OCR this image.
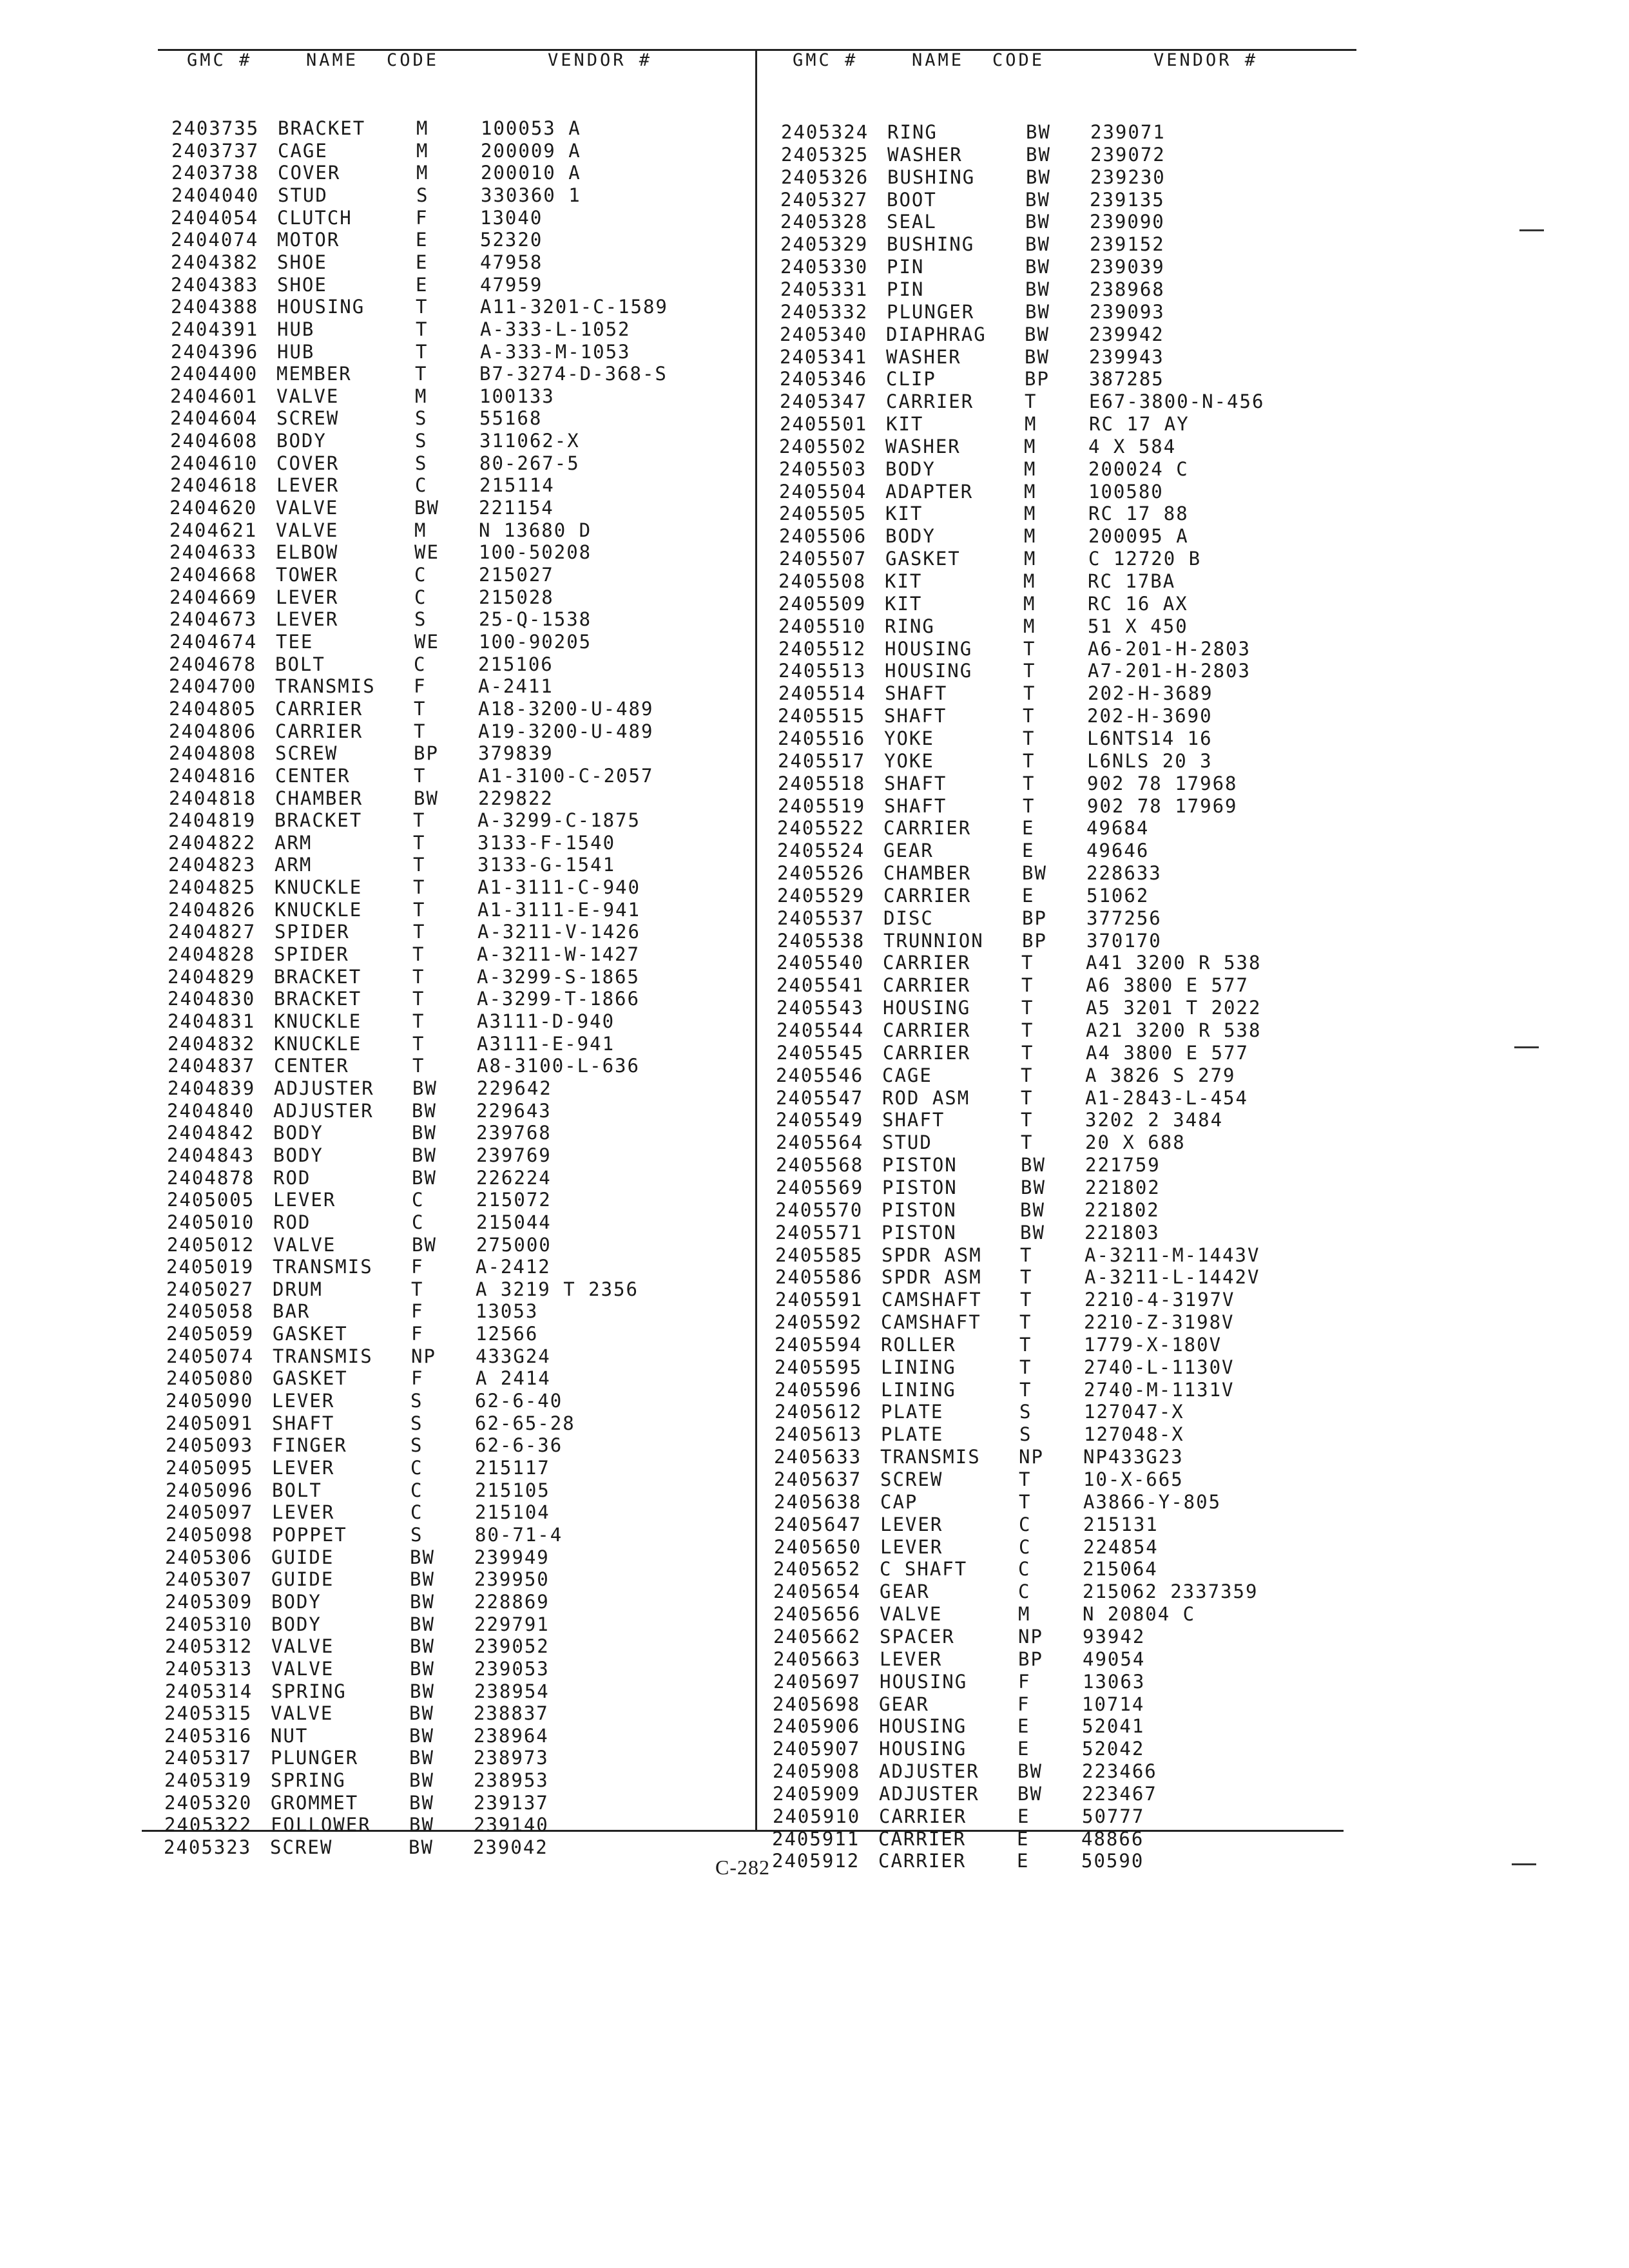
GMC #	NAME CODE	VENDOR #
2403735 BRACKET	M	100053 A
2403737 CAGE	M	200009 A
2403738 COVER	M	200010 A
2404040 STUD	S	330360 1
2404054 CLUTCH	F	13040
2404074 MOTOR	E	52320
2404382 SHOE	E	47958
2404383 SHOE	E	47959
2404388 HOUSING	T	A11-3201-C-1589
2404391 HUB	T	A-333-L-1052
2404396 HUB	T	A-333-M-1053
2404400 MEMBER	T	B7-3274-D-368-S
2404601 VALVE	M	100133
2404604 SCREW	S	55168
2404608 BODY	S	311062-X
2404610 COVER	S	80-267-5
2404618 LEVER	C	215114
2404620 VALVE	BW 221154
2404621 VALVE	M	N 13680 D
2404633 ELBOW	WE 100-50208
2404668 TOWER	C	215027
2404669 LEVER	C	215028
2404673 LEVER	S	25-Q-1538
2404674 TEE	WE 100-90205
2404678 BOLT	C	215106
2404700 TRANSMIS F	A-2411
2404805 CARRIER	T	A18-3200-U-489
2404806 CARRIER	T	A19-3200-U-489
2404808 SCREW	BP 379839
2404816 CENTER	T	A1-3100-C-2057
2404818 CHAMBER	BW 229822
2404819 BRACKET	T	A-3299-C-1875
2404822 ARM	T	3133-F-1540
2404823 ARM	T	3133-G-1541
2404825 KNUCKLE	T	A1-3111-C-940
2404826 KNUCKLE	T	A1-3111-E-941
2404827 SPIDER	T	A-3211-V-1426
2404828 SPIDER	T	A-3211-W-1427
2404829 BRACKET	T	A-3299-S-1865
2404830 BRACKET	T	A-3299-T-1866
2404831 KNUCKLE	T	A3111-D-940
2404832 KNUCKLE	T	A3111-E-941
2404837 CENTER	T	A8-3100-L-636
2404839 ADJUSTER BW 229642
2404840 ADJUSTER BW 229643
2404842 BODY	BW 239768
2404843 BODY	BW 239769
2404878 ROD	BW 226224
2405005 LEVER	C	215072
2405010 ROD	C	215044
2405012 VALVE	BW 275000
2405019 TRANSMIS F	A-2412
2405027 DRUM	T	A 3219 T 2356
2405058 BAR	F	13053
2405059 GASKET	F	12566
2405074 TRANSMIS NP 433G24
2405080 GASKET	F	A 2414
2405090 LEVER	S	62-6-40
2405091 SHAFT	S	62-65-28
2405093 FINGER	S	62-6-36
2405095 LEVER	C	215117
2405096 BOLT	C	215105
2405097 LEVER	C	215104
2405098 POPPET	S	80-71-4
2405306 GUIDE	BW 239949
2405307 GUIDE	BW 239950
2405309 BODY	BW 228869
2405310 BODY	BW 229791
2405312 VALVE	BW 239052
2405313 VALVE	BW 239053
2405314 SPRING	BW 238954
2405315 VALVE	BW 238837
2405316 NUT	BW 238964
2405317 PLUNGER	BW 238973
2405319 SPRING	BW 238953
2405320 GROMMET	BW 239137
2405322 FOLLOWER BW 239140
2405323 SCREW	BW 239042
GMC #	NAME CODE	VENDOR #
2405324 RING	BW 239071
2405325 WASHER	BW 239072
2405326 BUSHING	BW 239230
2405327 BOOT	BW 239135
2405328 SEAL	BW 239090
2405329 BUSHING	BW 239152
2405330 PIN	BW 239039
2405331 PIN	BW 238968
2405332 PLUNGER	BW 239093
2405340 DIAPHRAG BW 239942
2405341 WASHER	BW 239943
2405346 CLIP	BP 387285
2405347 CARRIER	T	E67-3800-N-456
2405501 KIT	M	RC 17 AY
2405502 WASHER	M	4 X 584
2405503 BODY	M	200024 C
2405504 ADAPTER	M	100580
2405505 KIT	M	RC 17 88
2405506 BODY	M	200095 A
2405507 GASKET	M	C 12720 B
2405508 KIT	M	RC 17BA
2405509 KIT	M	RC 16 AX
2405510 RING	M	51 X 450
2405512 HOUSING	T	A6-201-H-2803
2405513 HOUSING	T	A7-201-H-2803
2405514 SHAFT	T	202-H-3689
2405515 SHAFT	T	202-H-3690
2405516 YOKE	T	L6NTS14 16
2405517 YOKE	T	L6NLS 20 3
2405518 SHAFT	T	902 78 17968
2405519 SHAFT	T	902 78 17969
2405522 CARRIER	E	49684
2405524 GEAR	E	49646
2405526 CHAMBER	BW 228633
2405529 CARRIER	E	51062
2405537 DISC	BP 377256
2405538 TRUNNION BP 370170
2405540 CARRIER	T	A41 3200 R 538
2405541 CARRIER	T	A6 3800 E 577
2405543 HOUSING	T	A5 3201 T 2022
2405544 CARRIER	T	A21 3200 R 538
2405545 CARRIER	T	A4 3800 E 577
2405546 CAGE	T	A 3826 S 279
2405547 ROD ASM	T	A1-2843-L-454
2405549 SHAFT	T	3202 2 3484
2405564 STUD	T	20 X 688
2405568 PISTON	BW 221759
2405569 PISTON	BW 221802
2405570 PISTON	BW 221802
2405571 PISTON	BW 221803
2405585 SPDR ASM T	A-3211-M-1443V
2405586 SPDR ASM T	A-3211-L-1442V
2405591 CAMSHAFT T	2210-4-3197V
2405592 CAMSHAFT T	2210-Z-3198V
2405594 ROLLER	T	1779-X-180V
2405595 LINING	T	2740-L-1130V
2405596 LINING	T	2740-M-1131V
2405612 PLATE	S	127047-X
2405613 PLATE	S	127048-X
2405633 TRANSMIS NP NP433G23
2405637 SCREW	T	10-X-665
2405638 CAP	T	A3866-Y-805
2405647 LEVER	C	215131
2405650 LEVER	C	224854
2405652 C SHAFT	C	215064
2405654 GEAR	C	215062 2337359
2405656 VALVE	M	N 20804 C
2405662 SPACER	NP 93942
2405663 LEVER	BP 49054
2405697 HOUSING	F	13063
2405698 GEAR	F	10714
2405906 HOUSING	E	52041
2405907 HOUSING	E	52042
2405908 ADJUSTER BW 223466
2405909 ADJUSTER BW 223467
2405910 CARRIER	E	50777
2405911 CARRIER	E	48866
2405912 CARRIER	E	50590
C-282
